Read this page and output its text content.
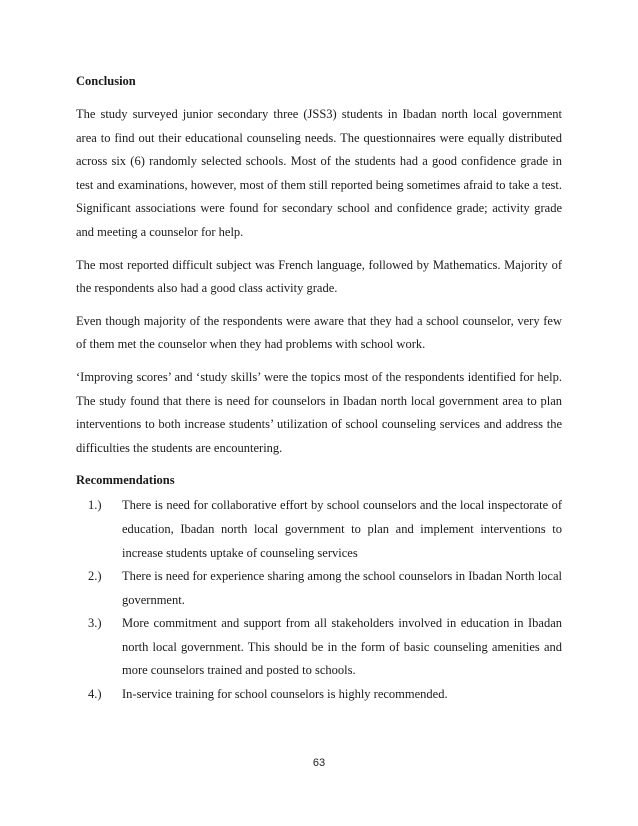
Conclusion

The study surveyed junior secondary three (JSS3) students in Ibadan north local government area to find out their educational counseling needs. The questionnaires were equally distributed across six (6) randomly selected schools. Most of the students had a good confidence grade in test and examinations, however, most of them still reported being sometimes afraid to take a test. Significant associations were found for secondary school and confidence grade; activity grade and meeting a counselor for help.

The most reported difficult subject was French language, followed by Mathematics. Majority of the respondents also had a good class activity grade.

Even though majority of the respondents were aware that they had a school counselor, very few of them met the counselor when they had problems with school work.

‘Improving scores’ and ‘study skills’ were the topics most of the respondents identified for help. The study found that there is need for counselors in Ibadan north local government area to plan interventions to both increase students’ utilization of school counseling services and address the difficulties the students are encountering.

Recommendations
1.) There is need for collaborative effort by school counselors and the local inspectorate of education, Ibadan north local government to plan and implement interventions to increase students uptake of counseling services
2.) There is need for experience sharing among the school counselors in Ibadan North local government.
3.) More commitment and support from all stakeholders involved in education in Ibadan north local government. This should be in the form of basic counseling amenities and more counselors trained and posted to schools.
4.) In-service training for school counselors is highly recommended.
63
